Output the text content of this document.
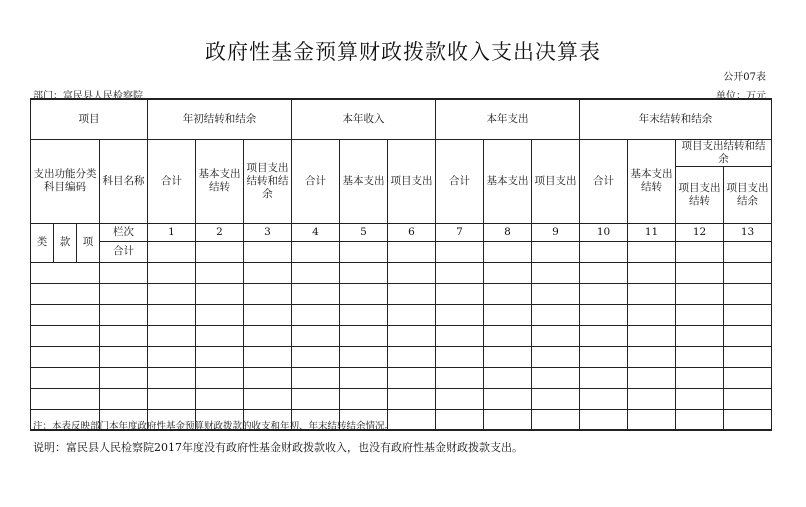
政府性基金预算财政拨款收入支出决算表
公开07表
部门：富民县人民检察院	单位：万元
项目				年初结转和结余			本年收入			本年支出			年末结转和结余			
支出功能分类科目编码			科目名称	合计	基本支出结转	项目支出结转和结余	合计	基本支出	项目支出	合计	基本支出	项目支出	合计	基本支出结转	项目支出结转和结余	
															项目支出结转	项目支出结余
类	款	项	栏次	1	2	3	4	5	6	7	8	9	10	11	12	13
			合计													

注：本表反映部门本年度政府性基金预算财政拨款的收支和年初、年末结转结余情况。
说明：富民县人民检察院2017年度没有政府性基金财政拨款收入，也没有政府性基金财政拨款支出。
